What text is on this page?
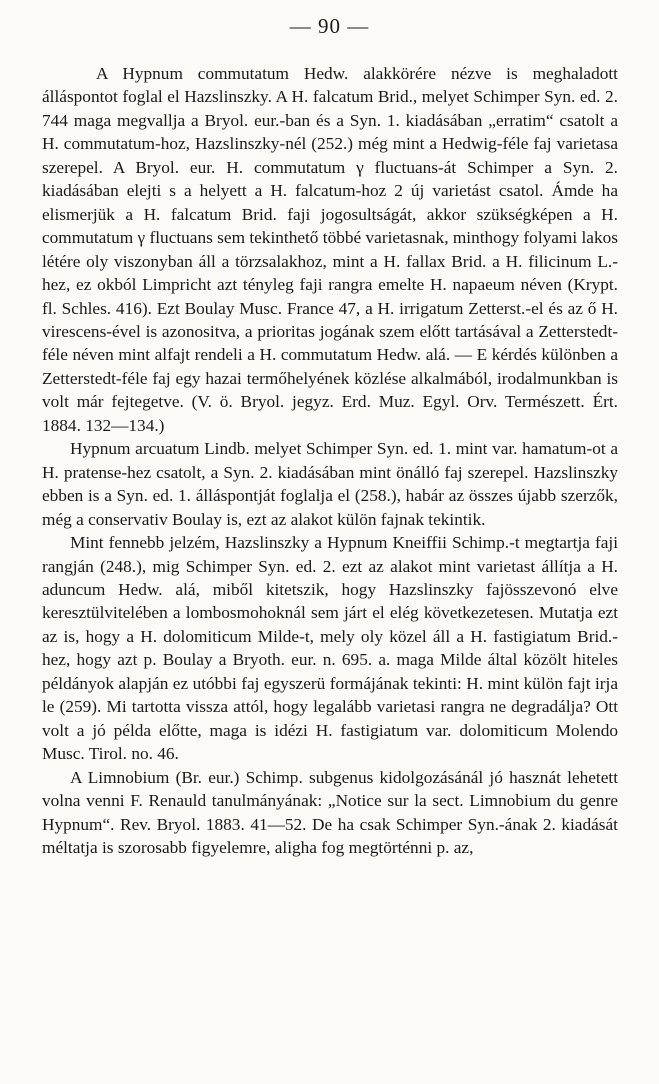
— 90 —

A Hypnum commutatum Hedw. alakkörére nézve is meghaladott álláspontot foglal el Hazslinszky. A H. falcatum Brid., melyet Schimper Syn. ed. 2. 744 maga megvallja a Bryol. eur.-ban és a Syn. 1. kiadásában „erratim“ csatolt a H. commutatum-hoz, Hazslinszky-nél (252.) még mint a Hedwig-féle faj varietasa szerepel. A Bryol. eur. H. commutatum γ fluctuans-át Schimper a Syn. 2. kiadásában elejti s a helyett a H. falcatum-hoz 2 új varietást csatol. Ámde ha elismerjük a H. falcatum Brid. faji jogosultságát, akkor szükségképen a H. commutatum γ fluctuans sem tekinthető többé varietasnak, minthogy folyami lakos létére oly viszonyban áll a törzsalakhoz, mint a H. fallax Brid. a H. filicinum L.-hez, ez okból Limpricht azt tényleg faji rangra emelte H. napaeum néven (Krypt. fl. Schles. 416). Ezt Boulay Musc. France 47, a H. irrigatum Zetterst.-el és az ő H. virescens-ével is azonositva, a prioritas jogának szem előtt tartásával a Zetterstedt-féle néven mint alfajt rendeli a H. commutatum Hedw. alá. — E kérdés különben a Zetterstedt-féle faj egy hazai termőhelyének közlése alkalmából, irodalmunkban is volt már fejtegetve. (V. ö. Bryol. jegyz. Erd. Muz. Egyl. Orv. Természett. Ért. 1884. 132—134.)

Hypnum arcuatum Lindb. melyet Schimper Syn. ed. 1. mint var. hamatum-ot a H. pratense-hez csatolt, a Syn. 2. kiadásában mint önálló faj szerepel. Hazslinszky ebben is a Syn. ed. 1. álláspontját foglalja el (258.), habár az összes újabb szerzők, még a conservativ Boulay is, ezt az alakot külön fajnak tekintik.

Mint fennebb jelzém, Hazslinszky a Hypnum Kneiffii Schimp.-t megtartja faji rangján (248.), mig Schimper Syn. ed. 2. ezt az alakot mint varietast állítja a H. aduncum Hedw. alá, miből kitetszik, hogy Hazslinszky fajösszevonó elve keresztülvitelében a lombosmohoknál sem járt el elég következetesen. Mutatja ezt az is, hogy a H. dolomiticum Milde-t, mely oly közel áll a H. fastigiatum Brid.-hez, hogy azt p. Boulay a Bryoth. eur. n. 695. a. maga Milde által közölt hiteles példányok alapján ez utóbbi faj egyszerü formájának tekinti: H. mint külön fajt irja le (259). Mi tartotta vissza attól, hogy legalább varietasi rangra ne degradálja? Ott volt a jó példa előtte, maga is idézi H. fastigiatum var. dolomiticum Molendo Musc. Tirol. no. 46.

A Limnobium (Br. eur.) Schimp. subgenus kidolgozásánál jó hasznát lehetett volna venni F. Renauld tanulmányának: „Notice sur la sect. Limnobium du genre Hypnum“. Rev. Bryol. 1883. 41—52. De ha csak Schimper Syn.-ának 2. kiadását méltatja is szorosabb figyelemre, aligha fog megtörténni p. az,
